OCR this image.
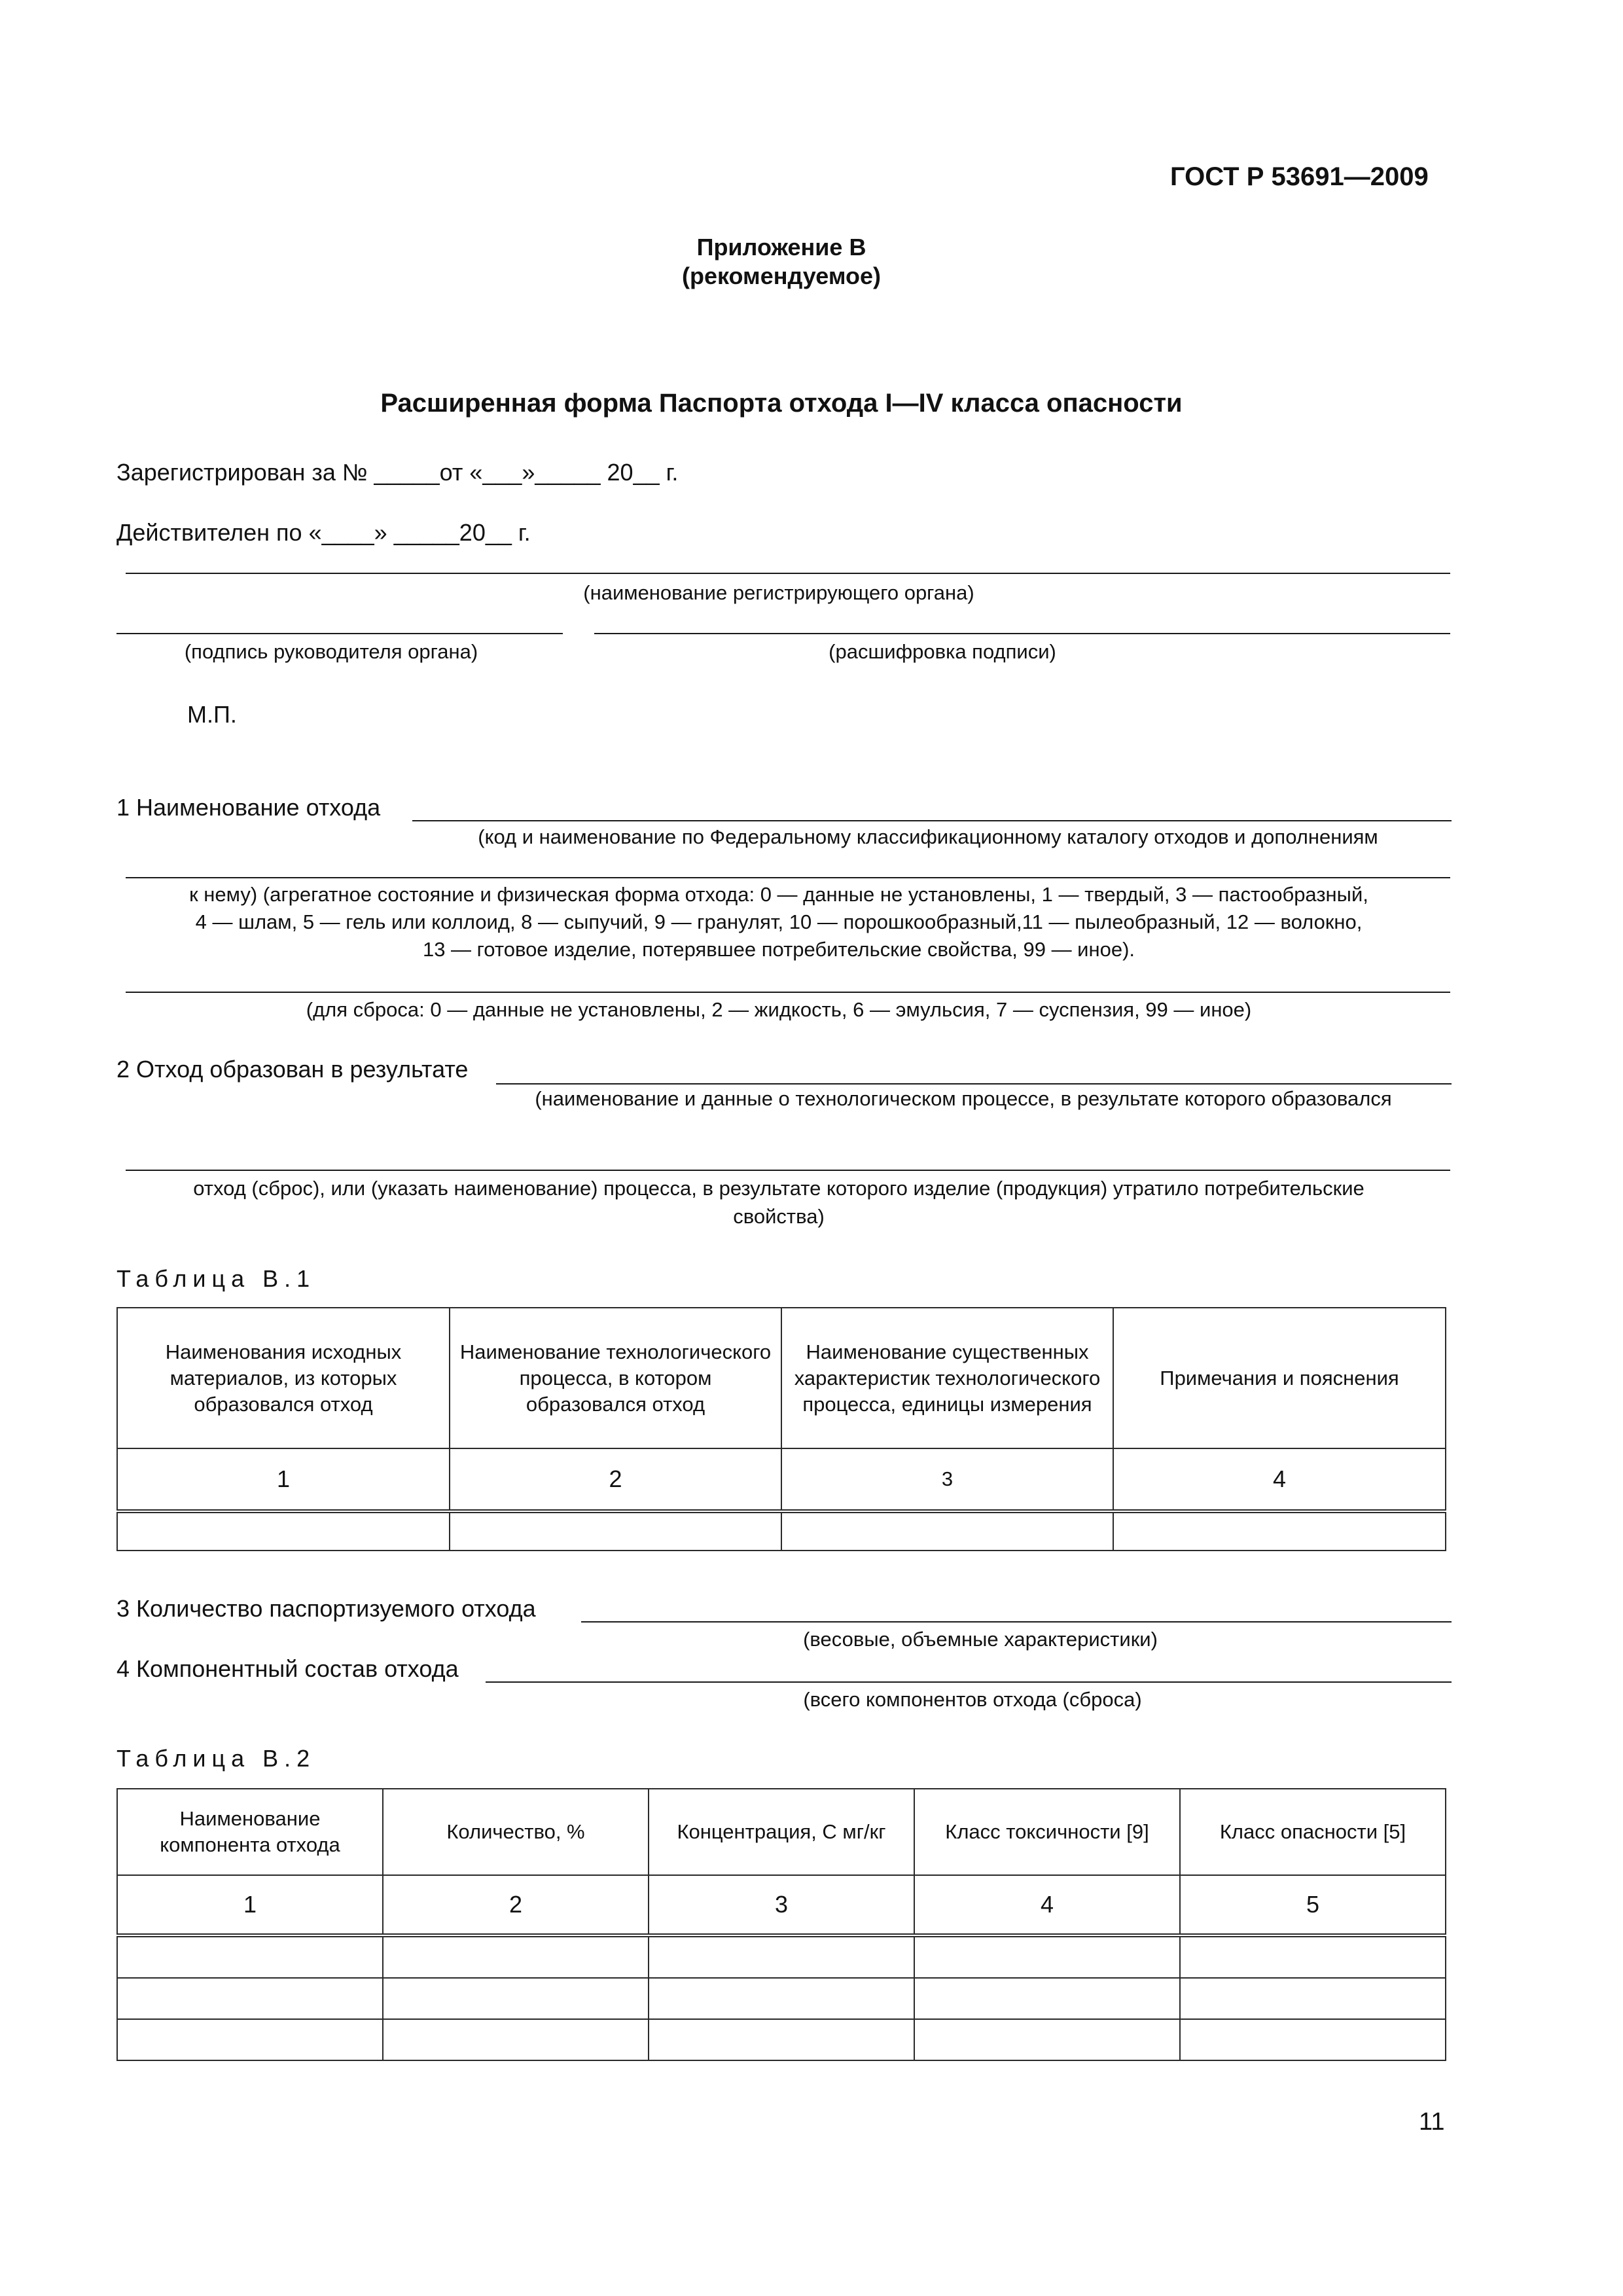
ГОСТ Р 53691—2009
Приложение В
(рекомендуемое)
Расширенная форма Паспорта отхода I—IV класса опасности
Зарегистрирован за № _____от «___»_____ 20__ г.
Действителен по «____» _____20__ г.
(наименование регистрирующего органа)
(подпись руководителя органа)	(расшифровка подписи)
М.П.
1 Наименование отхода
(код и наименование по Федеральному классификационному каталогу отходов и дополнениям
к нему) (агрегатное состояние и физическая форма отхода: 0 — данные не установлены, 1 — твердый, 3 — пастообразный,
4 — шлам, 5 — гель или коллоид, 8 — сыпучий, 9 — гранулят, 10 — порошкообразный,11 — пылеобразный, 12 — волокно,
13 — готовое изделие, потерявшее потребительские свойства, 99 — иное).
(для сброса: 0 — данные не установлены, 2 — жидкость, 6 — эмульсия, 7 — суспензия, 99 — иное)
2 Отход образован в результате
(наименование и данные о технологическом процессе, в результате которого образовался
отход (сброс), или (указать наименование) процесса, в результате которого изделие (продукция) утратило потребительские
свойства)
Таблица В.1
Наименования исходных материалов, из которых образовался отход	Наименование технологического процесса, в котором образовался отход	Наименование существенных характеристик технологического процесса, единицы измерения	Примечания и пояснения
1	2	3	4

3 Количество паспортизуемого отхода
(весовые, объемные характеристики)
4 Компонентный состав отхода
(всего компонентов отхода (сброса)
Таблица В.2
Наименование компонента отхода	Количество, %	Концентрация, С мг/кг	Класс токсичности [9]	Класс опасности [5]
1	2	3	4	5

11
